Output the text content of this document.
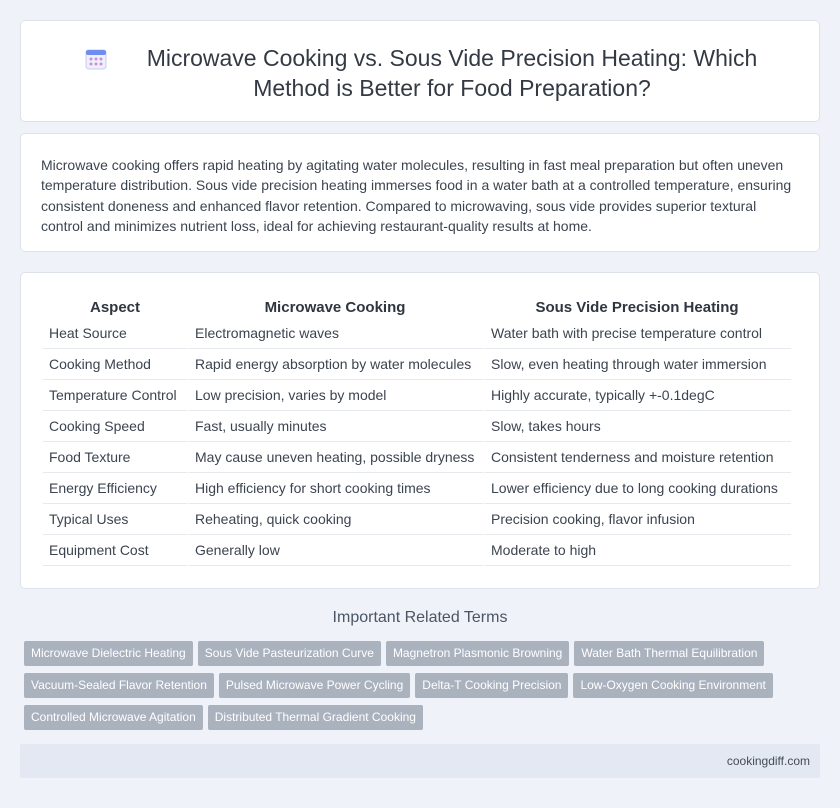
Microwave Cooking vs. Sous Vide Precision Heating: Which Method is Better for Food Preparation?

Microwave cooking offers rapid heating by agitating water molecules, resulting in fast meal preparation but often uneven temperature distribution. Sous vide precision heating immerses food in a water bath at a controlled temperature, ensuring consistent doneness and enhanced flavor retention. Compared to microwaving, sous vide provides superior textural control and minimizes nutrient loss, ideal for achieving restaurant-quality results at home.

Aspect	Microwave Cooking	Sous Vide Precision Heating
Heat Source	Electromagnetic waves	Water bath with precise temperature control
Cooking Method	Rapid energy absorption by water molecules	Slow, even heating through water immersion
Temperature Control	Low precision, varies by model	Highly accurate, typically +-0.1degC
Cooking Speed	Fast, usually minutes	Slow, takes hours
Food Texture	May cause uneven heating, possible dryness	Consistent tenderness and moisture retention
Energy Efficiency	High efficiency for short cooking times	Lower efficiency due to long cooking durations
Typical Uses	Reheating, quick cooking	Precision cooking, flavor infusion
Equipment Cost	Generally low	Moderate to high
Important Related Terms
Microwave Dielectric Heating Sous Vide Pasteurization Curve Magnetron Plasmonic Browning Water Bath Thermal Equilibration
Vacuum-Sealed Flavor Retention Pulsed Microwave Power Cycling Delta-T Cooking Precision Low-Oxygen Cooking Environment
Controlled Microwave Agitation Distributed Thermal Gradient Cooking
cookingdiff.com
